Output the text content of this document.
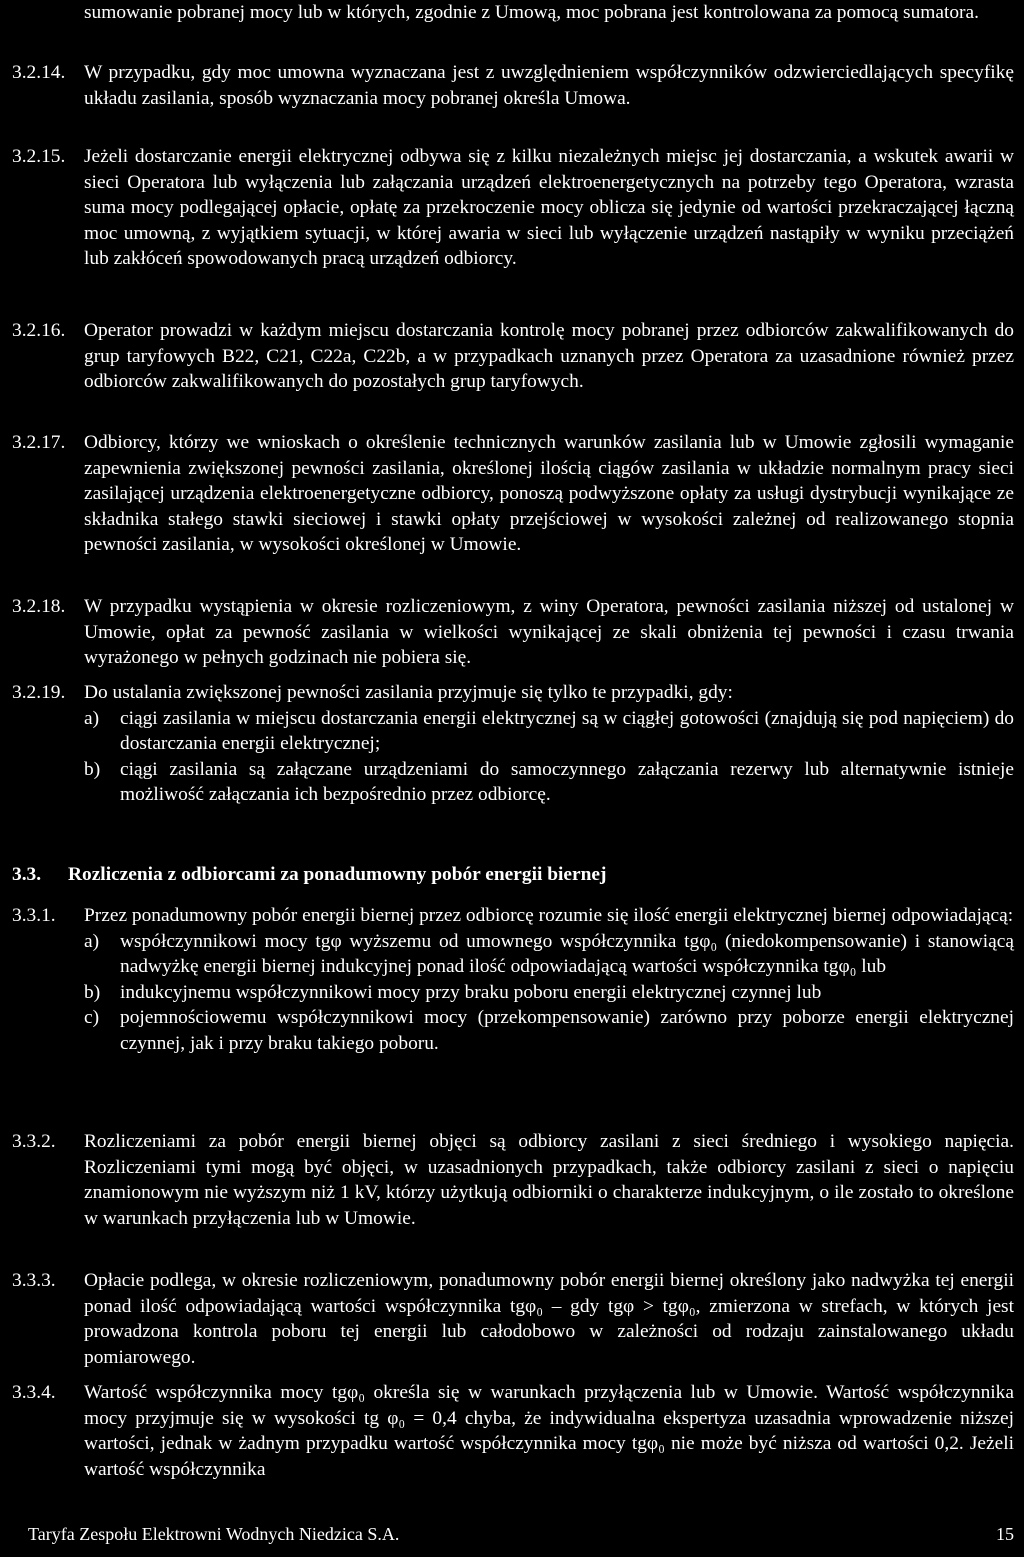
sumowanie pobranej mocy lub w których, zgodnie z Umową, moc pobrana jest kontrolowana za pomocą sumatora.
3.2.14. W przypadku, gdy moc umowna wyznaczana jest z uwzględnieniem współczynników odzwierciedlających specyfikę układu zasilania, sposób wyznaczania mocy pobranej określa Umowa.

3.2.15. Jeżeli dostarczanie energii elektrycznej odbywa się z kilku niezależnych miejsc jej dostarczania, a wskutek awarii w sieci Operatora lub wyłączenia lub załączania urządzeń elektroenergetycznych na potrzeby tego Operatora, wzrasta suma mocy podlegającej opłacie, opłatę za przekroczenie mocy oblicza się jedynie od wartości przekraczającej łączną moc umowną, z wyjątkiem sytuacji, w której awaria w sieci lub wyłączenie urządzeń nastąpiły w wyniku przeciążeń lub zakłóceń spowodowanych pracą urządzeń odbiorcy.

3.2.16. Operator prowadzi w każdym miejscu dostarczania kontrolę mocy pobranej przez odbiorców zakwalifikowanych do grup taryfowych B22, C21, C22a, C22b, a w przypadkach uznanych przez Operatora za uzasadnione również przez odbiorców zakwalifikowanych do pozostałych grup taryfowych.

3.2.17. Odbiorcy, którzy we wnioskach o określenie technicznych warunków zasilania lub w Umowie zgłosili wymaganie zapewnienia zwiększonej pewności zasilania, określonej ilością ciągów zasilania w układzie normalnym pracy sieci zasilającej urządzenia elektroenergetyczne odbiorcy, ponoszą podwyższone opłaty za usługi dystrybucji wynikające ze składnika stałego stawki sieciowej i stawki opłaty przejściowej w wysokości zależnej od realizowanego stopnia pewności zasilania, w wysokości określonej w Umowie.

3.2.18. W przypadku wystąpienia w okresie rozliczeniowym, z winy Operatora, pewności zasilania niższej od ustalonej w Umowie, opłat za pewność zasilania w wielkości wynikającej ze skali obniżenia tej pewności i czasu trwania wyrażonego w pełnych godzinach nie pobiera się.

3.2.19. Do ustalania zwiększonej pewności zasilania przyjmuje się tylko te przypadki, gdy:

a) ciągi zasilania w miejscu dostarczania energii elektrycznej są w ciągłej gotowości (znajdują się pod napięciem) do dostarczania energii elektrycznej;
b) ciągi zasilania są załączane urządzeniami do samoczynnego załączania rezerwy lub alternatywnie istnieje możliwość załączania ich bezpośrednio przez odbiorcę.
3.3.	Rozliczenia z odbiorcami za ponadumowny pobór energii biernej
3.3.1.	Przez ponadumowny pobór energii biernej przez odbiorcę rozumie się ilość energii elektrycznej biernej odpowiadającą:

a) współczynnikowi mocy tgφ wyższemu od umownego współczynnika tgφ₀ (niedokompensowanie) i stanowiącą nadwyżkę energii biernej indukcyjnej ponad ilość odpowiadającą wartości współczynnika tgφ₀ lub
b) indukcyjnemu współczynnikowi mocy przy braku poboru energii elektrycznej czynnej lub
c) pojemnościowemu współczynnikowi mocy (przekompensowanie) zarówno przy poborze energii elektrycznej czynnej, jak i przy braku takiego poboru.
3.3.2.	Rozliczeniami za pobór energii biernej objęci są odbiorcy zasilani z sieci średniego i wysokiego napięcia. Rozliczeniami tymi mogą być objęci, w uzasadnionych przypadkach, także odbiorcy zasilani z sieci o napięciu znamionowym nie wyższym niż 1 kV, którzy użytkują odbiorniki o charakterze indukcyjnym, o ile zostało to określone w warunkach przyłączenia lub w Umowie.

3.3.3.	Opłacie podlega, w okresie rozliczeniowym, ponadumowny pobór energii biernej określony jako nadwyżka tej energii ponad ilość odpowiadającą wartości współczynnika tgφ₀ – gdy tgφ > tgφ₀, zmierzona w strefach, w których jest prowadzona kontrola poboru tej energii lub całodobowo w zależności od rodzaju zainstalowanego układu pomiarowego.

3.3.4.	Wartość współczynnika mocy tgφ₀ określa się w warunkach przyłączenia lub w Umowie. Wartość współczynnika mocy przyjmuje się w wysokości tg φ₀ = 0,4 chyba, że indywidualna ekspertyza uzasadnia wprowadzenie niższej wartości, jednak w żadnym przypadku wartość współczynnika mocy tgφ₀ nie może być niższa od wartości 0,2. Jeżeli wartość współczynnika

Taryfa Zespołu Elektrowni Wodnych Niedzica S.A.	15
